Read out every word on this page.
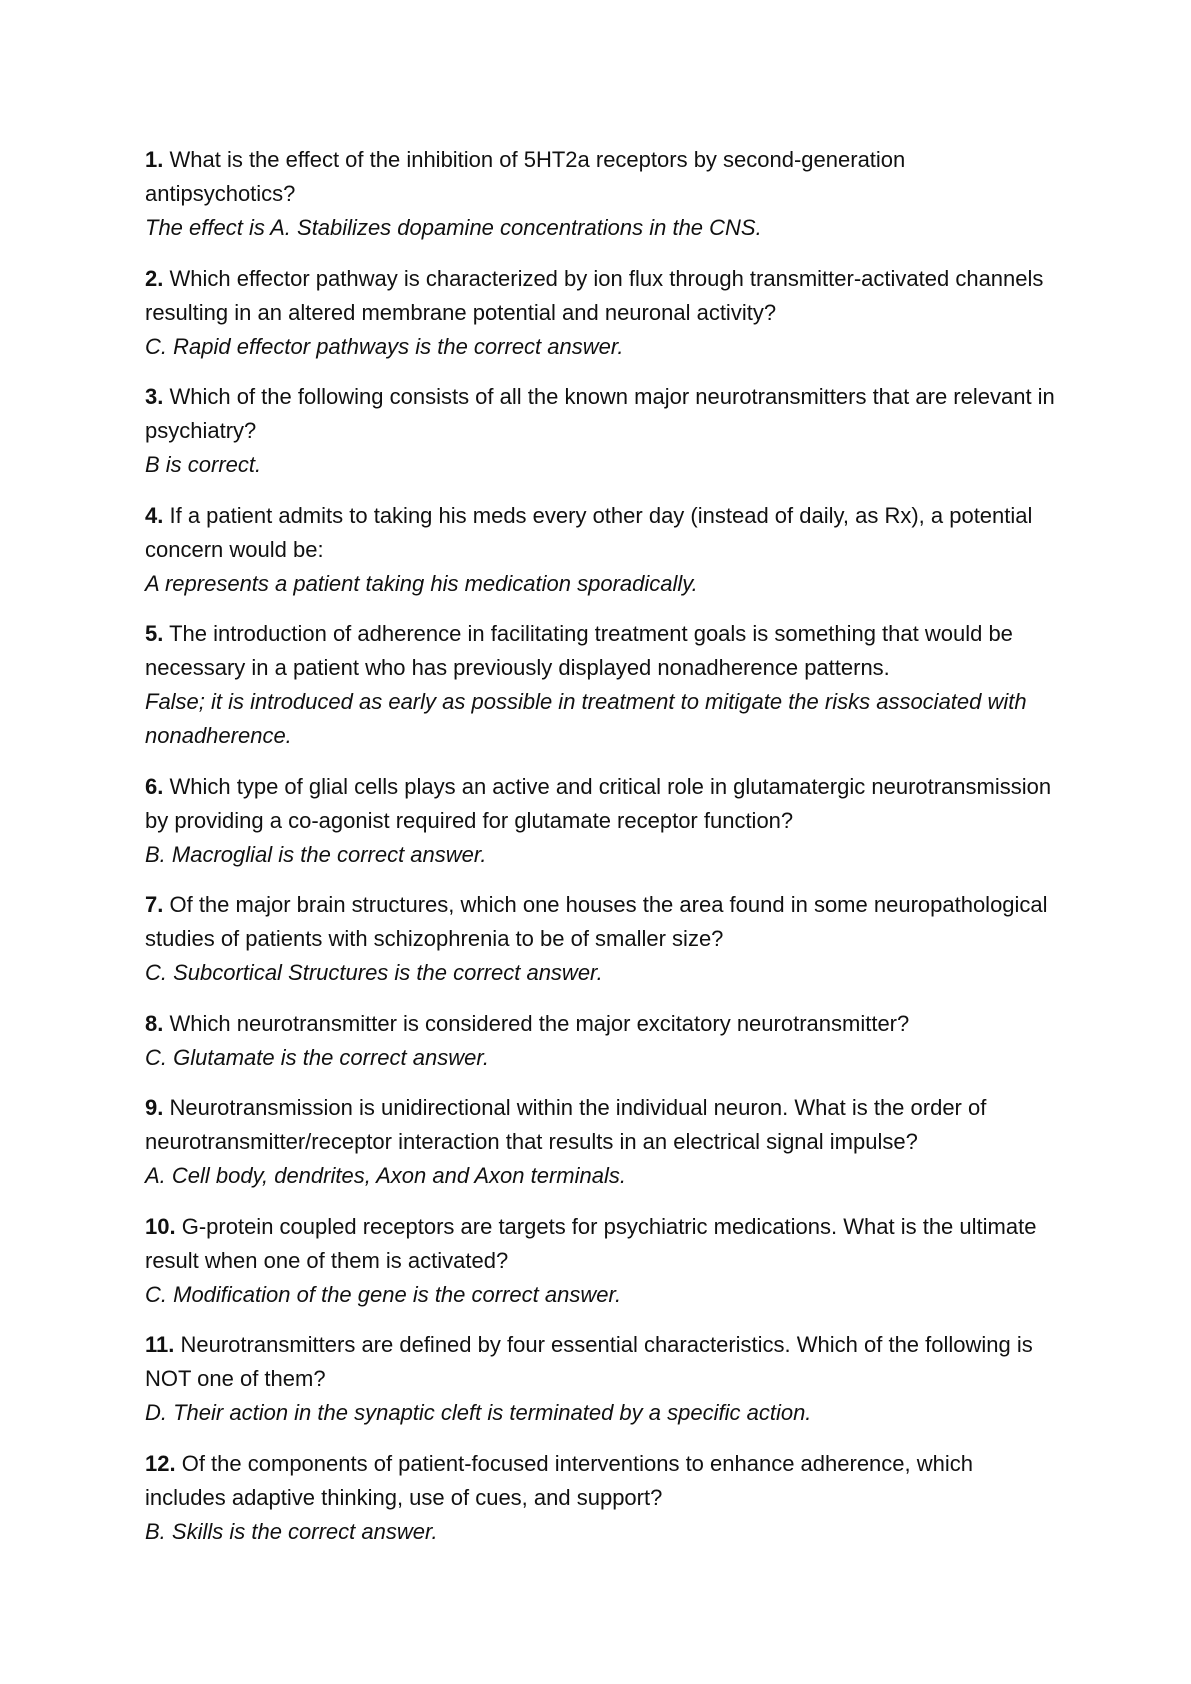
1. What is the effect of the inhibition of 5HT2a receptors by second-generation antipsychotics?
The effect is A. Stabilizes dopamine concentrations in the CNS.
2. Which effector pathway is characterized by ion flux through transmitter-activated channels resulting in an altered membrane potential and neuronal activity?
C. Rapid effector pathways is the correct answer.
3. Which of the following consists of all the known major neurotransmitters that are relevant in psychiatry?
B is correct.
4. If a patient admits to taking his meds every other day (instead of daily, as Rx), a potential concern would be:
A represents a patient taking his medication sporadically.
5. The introduction of adherence in facilitating treatment goals is something that would be necessary in a patient who has previously displayed nonadherence patterns.
False; it is introduced as early as possible in treatment to mitigate the risks associated with nonadherence.
6. Which type of glial cells plays an active and critical role in glutamatergic neurotransmission by providing a co-agonist required for glutamate receptor function?
B. Macroglial is the correct answer.
7. Of the major brain structures, which one houses the area found in some neuropathological studies of patients with schizophrenia to be of smaller size?
C. Subcortical Structures is the correct answer.
8. Which neurotransmitter is considered the major excitatory neurotransmitter?
C. Glutamate is the correct answer.
9. Neurotransmission is unidirectional within the individual neuron. What is the order of neurotransmitter/receptor interaction that results in an electrical signal impulse?
A. Cell body, dendrites, Axon and Axon terminals.
10. G-protein coupled receptors are targets for psychiatric medications. What is the ultimate result when one of them is activated?
C. Modification of the gene is the correct answer.
11. Neurotransmitters are defined by four essential characteristics. Which of the following is NOT one of them?
D. Their action in the synaptic cleft is terminated by a specific action.
12. Of the components of patient-focused interventions to enhance adherence, which includes adaptive thinking, use of cues, and support?
B. Skills is the correct answer.
